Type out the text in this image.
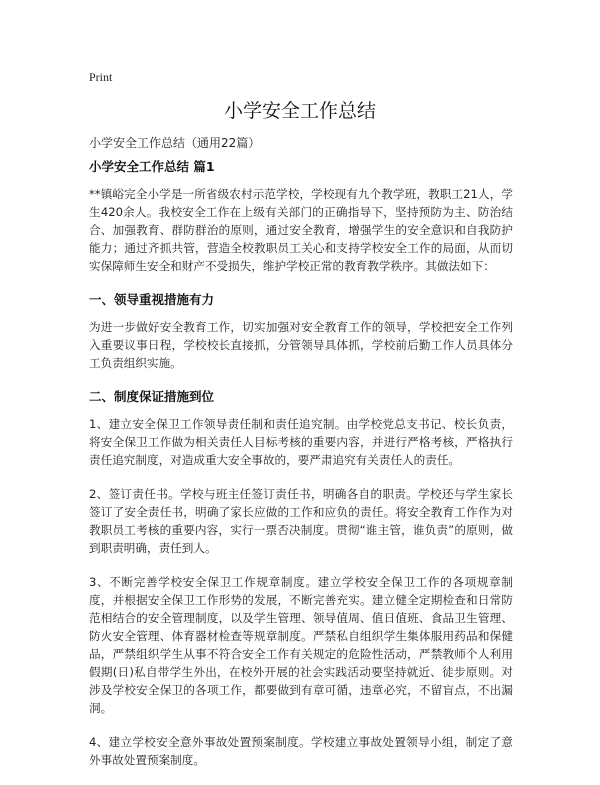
Print
小学安全工作总结
小学安全工作总结（通用22篇）
小学安全工作总结 篇1

**镇峪完全小学是一所省级农村示范学校，学校现有九个教学班，教职工21人，学生420余人。我校安全工作在上级有关部门的正确指导下，坚持预防为主、防治结合、加强教育、群防群治的原则，通过安全教育，增强学生的安全意识和自我防护能力；通过齐抓共管，营造全校教职员工关心和支持学校安全工作的局面，从而切实保障师生安全和财产不受损失，维护学校正常的教育教学秩序。其做法如下：

一、领导重视措施有力

为进一步做好安全教育工作，切实加强对安全教育工作的领导，学校把安全工作列入重要议事日程，学校校长直接抓，分管领导具体抓，学校前后勤工作人员具体分工负责组织实施。

二、制度保证措施到位

1、建立安全保卫工作领导责任制和责任追究制。由学校党总支书记、校长负责，将安全保卫工作做为相关责任人目标考核的重要内容，并进行严格考核，严格执行责任追究制度，对造成重大安全事故的，要严肃追究有关责任人的责任。

2、签订责任书。学校与班主任签订责任书，明确各自的职责。学校还与学生家长签订了安全责任书，明确了家长应做的工作和应负的责任。将安全教育工作作为对教职员工考核的重要内容，实行一票否决制度。贯彻“谁主管，谁负责”的原则，做到职责明确，责任到人。

3、不断完善学校安全保卫工作规章制度。建立学校安全保卫工作的各项规章制度，并根据安全保卫工作形势的发展，不断完善充实。建立健全定期检查和日常防范相结合的安全管理制度，以及学生管理、领导值周、值日值班、食品卫生管理、防火安全管理、体育器材检查等规章制度。严禁私自组织学生集体服用药品和保健品，严禁组织学生从事不符合安全工作有关规定的危险性活动，严禁教师个人利用假期(日)私自带学生外出，在校外开展的社会实践活动要坚持就近、徒步原则。对涉及学校安全保卫的各项工作，都要做到有章可循，违章必究，不留盲点，不出漏洞。

4、建立学校安全意外事故处置预案制度。学校建立事故处置领导小组，制定了意外事故处置预案制度。
